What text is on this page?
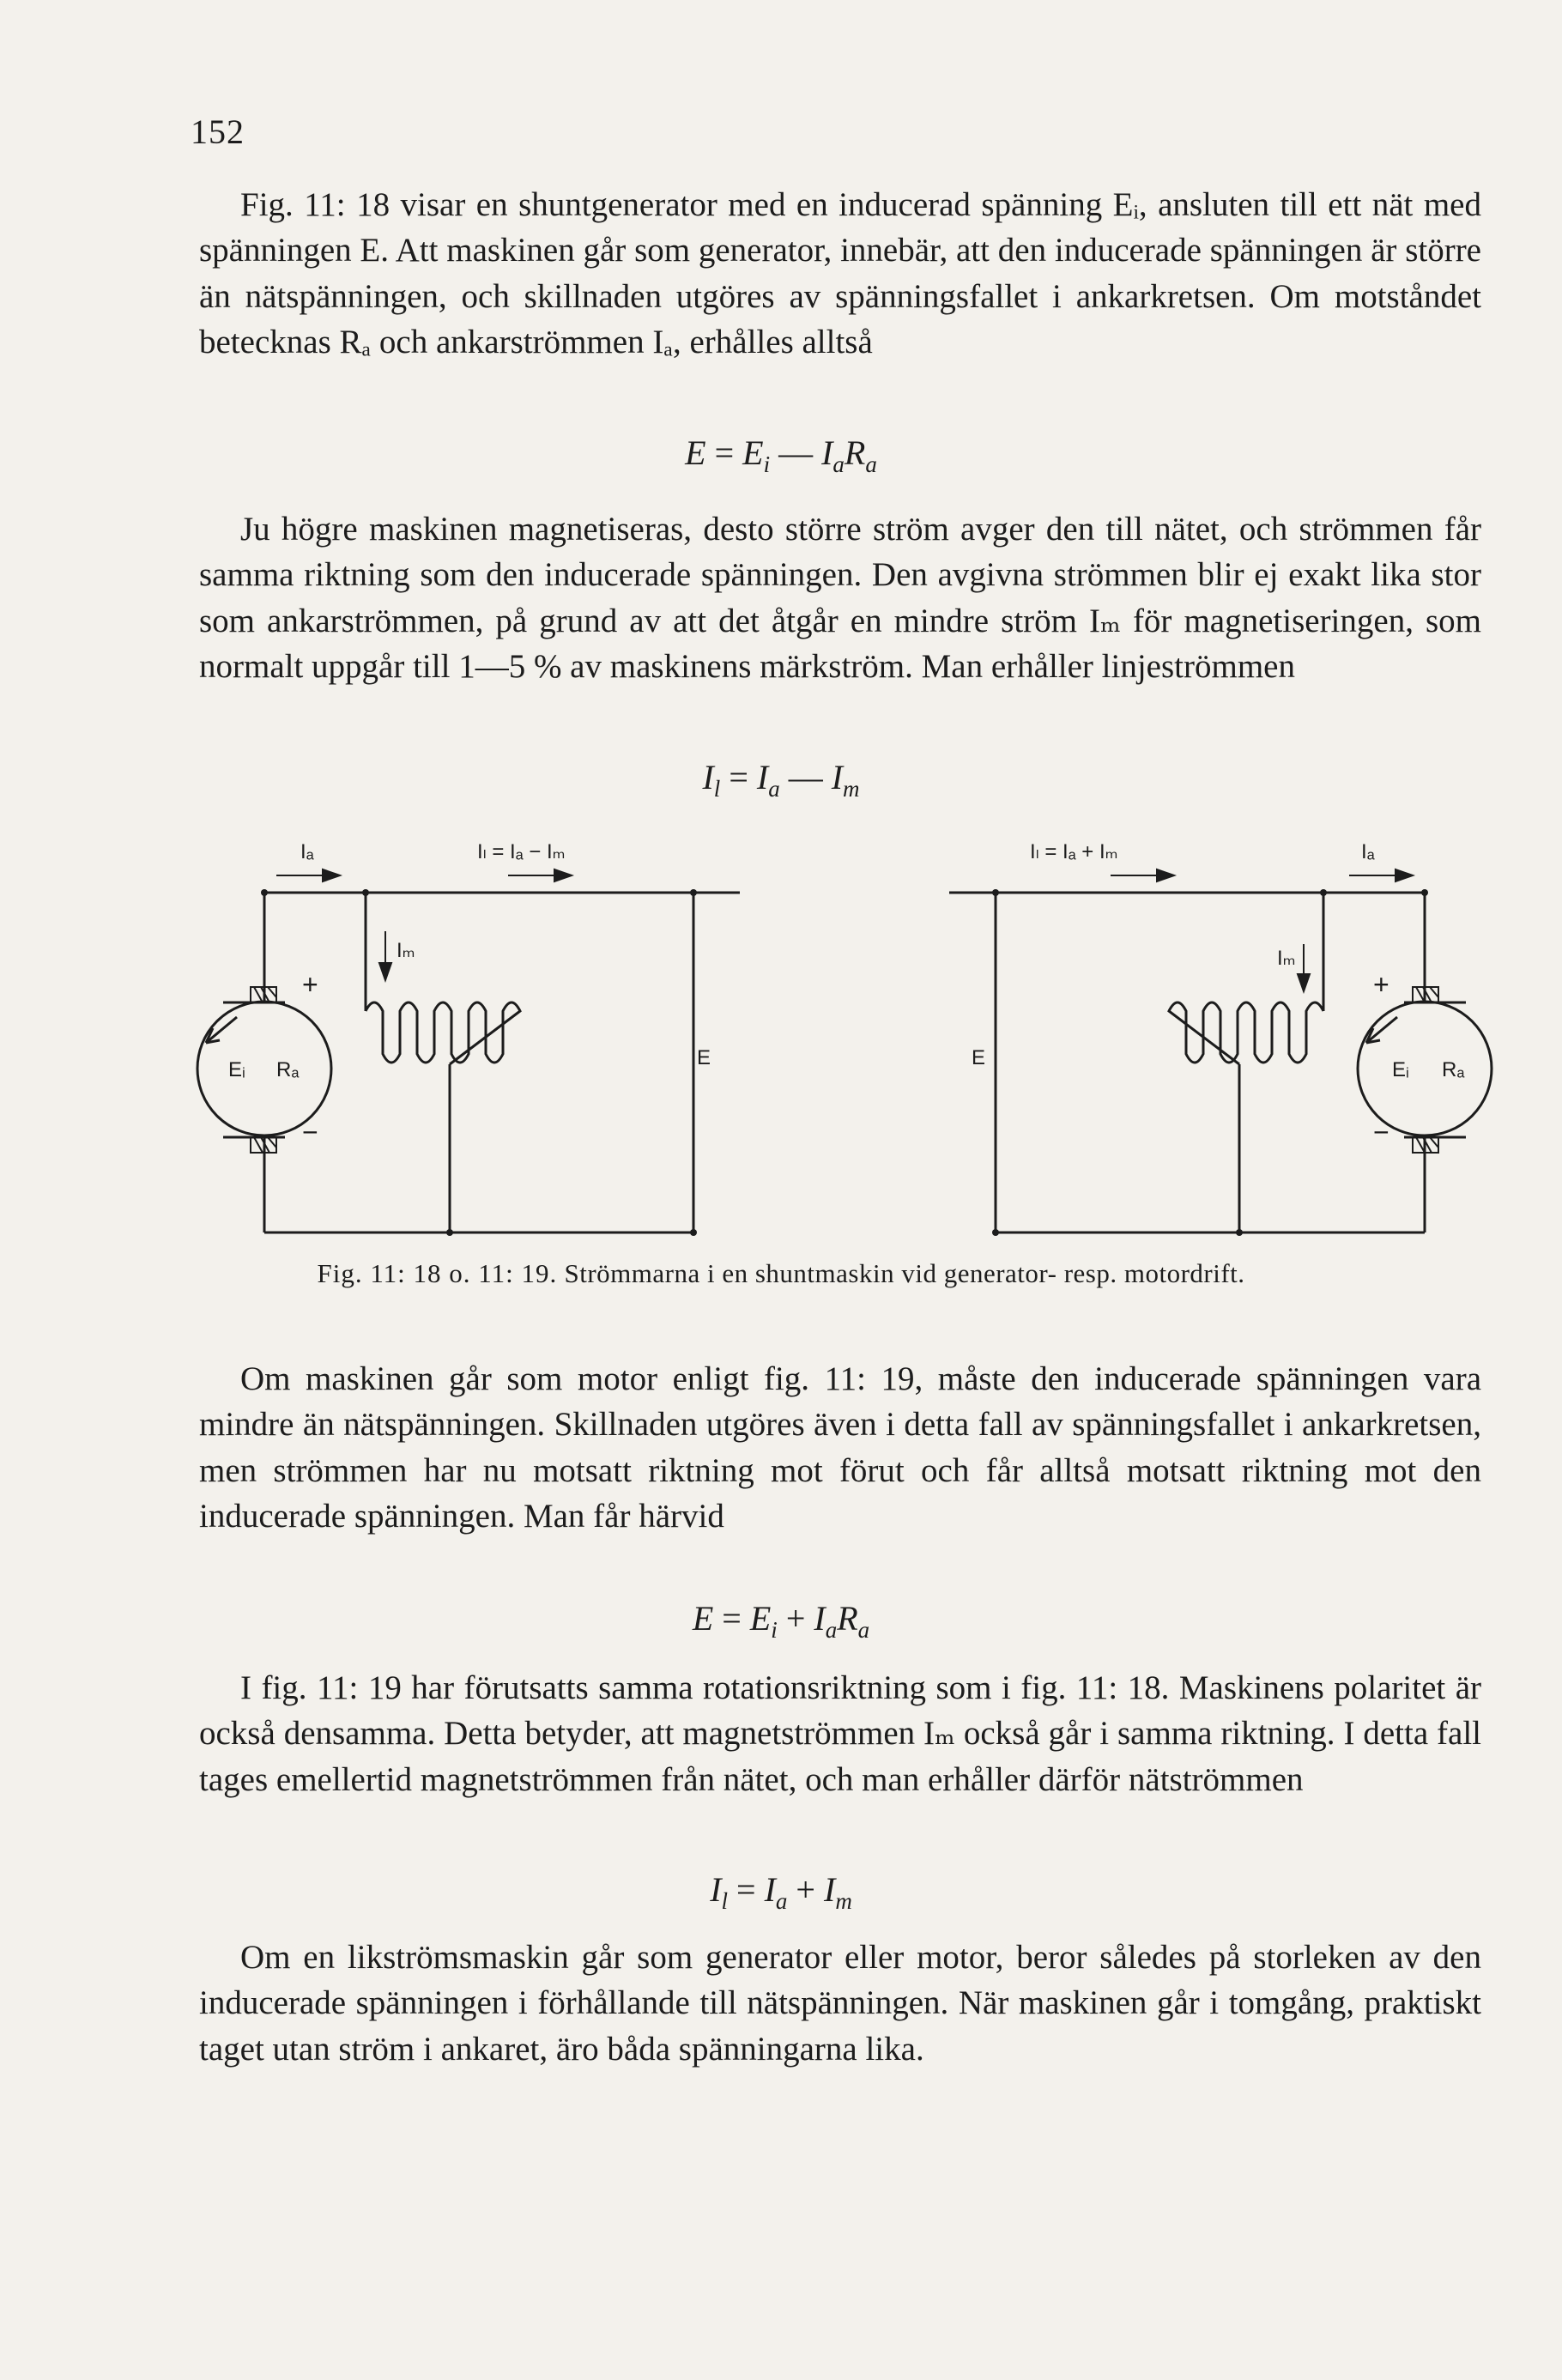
152

Fig. 11: 18 visar en shuntgenerator med en inducerad spänning Eᵢ, ansluten till ett nät med spänningen E. Att maskinen går som generator, innebär, att den inducerade spänningen är större än nätspänningen, och skillnaden utgöres av spänningsfallet i ankarkretsen. Om motståndet betecknas Rₐ och ankarströmmen Iₐ, erhålles alltså

$E = E_i$ — $I_aR_a$

Ju högre maskinen magnetiseras, desto större ström avger den till nätet, och strömmen får samma riktning som den inducerade spänningen. Den avgivna strömmen blir ej exakt lika stor som ankarströmmen, på grund av att det åtgår en mindre ström Iₘ för magnetiseringen, som normalt uppgår till 1—5 % av maskinens märkström. Man erhåller linjeströmmen

$I_l = I_a$ — $I_m$
Iₐ	Iₗ = Iₐ − Iₘ
Iₘ
+
−
Eᵢ Rₐ
E
Iₗ = Iₐ + Iₘ	Iₐ
Iₘ
+
−
Eᵢ Rₐ
E
Fig. 11: 18 o. 11: 19. Strömmarna i en shuntmaskin vid generator- resp. motordrift.

Om maskinen går som motor enligt fig. 11: 19, måste den inducerade spänningen vara mindre än nätspänningen. Skillnaden utgöres även i detta fall av spänningsfallet i ankarkretsen, men strömmen har nu motsatt riktning mot förut och får alltså motsatt riktning mot den inducerade spänningen. Man får härvid

$E = E_i + I_aR_a$

I fig. 11: 19 har förutsatts samma rotationsriktning som i fig. 11: 18. Maskinens polaritet är också densamma. Detta betyder, att magnetströmmen Iₘ också går i samma riktning. I detta fall tages emellertid magnetströmmen från nätet, och man erhåller därför nätströmmen

$I_l = I_a + I_m$

Om en likströmsmaskin går som generator eller motor, beror således på storleken av den inducerade spänningen i förhållande till nätspänningen. När maskinen går i tomgång, praktiskt taget utan ström i ankaret, äro båda spänningarna lika.
